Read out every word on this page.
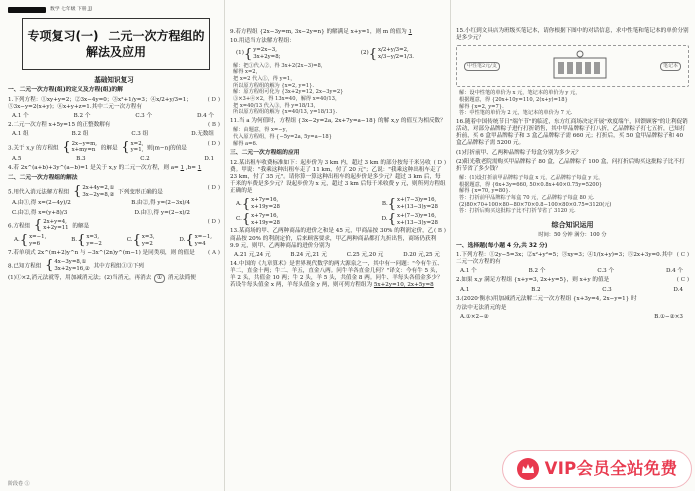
数学 七年级 下册 JJ
专项复习(一) 二元一次方程组的
解法及应用
基础知识复习
一、二元一次方程(组)的定义及方程(组)的解
( D )
1.下列方程：①xy+y=2；②3x−4y=0；③x²+1/y=3；④x/2+y/3=1；⑤3x−y=2(x+y)；⑥x+y+z=1.其中二元一次方程有
A.1 个	B.2 个	C.3 个	D.4 个
( B )
2.二元一次方程 x+5y=15 的正整数解有
A.1 组	B.2 组	C.3 组	D.无数组
( D )
3.关于 x,y 的方程组 { 2x−y=m,
x+my=n 的解是 { x=2,
y=1, 则|m−n|的值是
A.5	B.3	C.2	D.1
4.若 2x^(a+b)+3y^(a−b)=1 是关于 x,y 的二元一次方程，则 a= 1 ,b= 1
二、二元一次方程组的解法
( D )
5.用代入消元法解方程组 { 2x+4y=2,①
3x−2y=8,② 下列变形正确的是
A.由①,得 x=(2−4y)/2	B.由②,得 y=(2−3x)/4
C.由②,得 x=(y+8)/3	D.由①,得 y=(2−x)/2
( D )
6.方程组 { 2x+y=4,
x+2y=11 的解是
A. { x=−1,
y=6
B. { x=3,
y=−2
C. { x=3,
y=2
D. { x=−1,
y=4
( A )
7.若单项式 2x^(m+2)y^n 与 −3x^(2n)y^(m−1) 是同类项，则 的值是
8.已知方程组 { 4x−3y=8,①
3x+2y=16,② 其中方程组①③下列
(1)①×2,消元法就等，用加减消元法；(2)当消元，再消去 ① 消元法简便
阶段卷 ①
9.若方程组 {2x−3y=m, 3x−2y=n} 的解满足 x+y=1，则 m 的值为 1
10.用适当方法解方程组：
(1) { y=2x−3,
3x+2y=8;
(2) { x/2+y/3=2,
x/3−y/2=1/3.
解：把①代入②，得 3x+2(2x−3)=8，
解得 x=2，
把 x=2 代入①，得 y=1，
所以原方程组的解为 {x=2, y=1}.
解：原方程组可化为 {3x+2y=12, 2x−3y=2}
③×3+④×2，得 13x=40，解得 x=40/13，
把 x=40/13 代入③，得 y=18/13，
所以原方程组的解为 {x=40/13, y=18/13}.
11.当 a 为何值时，方程组 {3x−2y=2a, 2x+7y=a−18} 的解 x,y 的值互为相反数？
解：由题意，得 x=−y，
代入原方程组，得 {−5y=2a, 5y=a−18}
解得 a=6.
三、二元一次方程组的应用
( D )
12.某出租车收费标准如下：起步价为 3 km 内，超过 3 km 的部分按每千米另收费。甲说："我乘这种出租车走了 11 km，付了 20 元"；乙说："我乘这种出租车走了 23 km，付了 35 元"。请你算一算这种出租车的起步价是多少元？超过 3 km 后，每千米的车费是多少元？设起步价为 x 元，超过 3 km 后每千米收费 y 元，则所列方程组正确的是
A. { x+7y=16,
x+19y=28
B. { x+(7−3)y=16,
x+(13−3)y=28
C. { x+7y=16,
x+19y=28
D. { x+(7−3)y=16,
x+(13−3)y=28
( B )
13.某商场的甲、乙两种商品的进价之和是 45 元，甲商品按 30% 的利润定价，乙商品按 20% 的利润定价，后来顾客要求，甲乙两种商品都打九折出售，商场仍获利 9.9 元，则甲、乙两种商品的进价分别为
A.21 元,24 元	B.24 元,21 元	C.25 元,20 元	D.20 元,25 元
14.中国的《九章算术》是世界现代数学的两大源泉之一，其中有一问题："今有牛五、羊二，直金十两；牛二、羊五，直金八两。问牛羊各直金几何？"译文：今有牛 5 头，羊 2 头，共值金 10 两；牛 2 头，羊 5 头，共值金 8 两。问牛、羊每头各值金多少？若设牛每头值金 x 两，羊每头值金 y 两，则可列方程组为 5x+2y=10, 2x+5y=8
15.小红到文具店为班级买笔记本，请你根据下图中的对话信息，求中性笔和笔记本的单价分别是多少元？
中性笔2元/支	笔记本
解：设中性笔的单价为 x 元，笔记本的单价为 y 元，
根据题意，得 {20x+10y=110, 2(x+y)=18}
解得 {x=2, y=7}.
答：中性笔的单价为 2 元，笔记本的单价为 7 元.
16.随着中国传统节日"端午节"的临近，东方红商场决定开展"欢度端午，回馈顾客"的让利促销活动，对部分品牌粽子进行打折销售，其中甲品牌粽子打八折，乙品牌粽子打七五折，已知打折前，买 6 盒甲品牌粽子和 3 盒乙品牌粽子需 660 元；打折后，买 50 盒甲品牌粽子和 40 盒乙品牌粽子需 5200 元。
(1)打折前甲、乙两种品牌粽子每盒分别为多少元？
(2)阳光敬老院需购买甲品牌粽子 80 盒，乙品牌粽子 100 盒，问打折后购买这批粽子比不打折节省了多少钱？
解：(1)设打折前甲品牌粽子每盒 x 元，乙品牌粽子每盒 y 元，
根据题意，得 {6x+3y=660, 50×0.8x+40×0.75y=5200}
解得 {x=70, y=80}.
答：打折前甲品牌粽子每盒 70 元，乙品牌粽子每盒 80 元.
(2)80×70+100×80−80×70×0.8−100×80×0.75=3120(元)
答：打折后购买这批粽子比不打折节省了 3120 元.
综合知识运用
时间：50 分钟 满分：100 分
一、选择题(每小题 4 分,共 32 分)
( C )
1.下列方程：①2y−5=3x；②x²+y²=5；③xy=3；④1/(x+y)=3；⑤2x+3y=0.其中二元一次方程的有
A.1 个	B.2 个	C.3 个	D.4 个
( C )
2.如果 x,y 满足方程组 {x+y=3, 2x+y=5}，则 x+y 的值是
A.1	B.2	C.3	D.4
3.(2020·衡水)用加减消元法解二元一次方程组 {x+3y=4, 2x−y=1} 时
方法中无法消元的是
A.①×2−②	B.①−②×3
VIP会员全站免费
